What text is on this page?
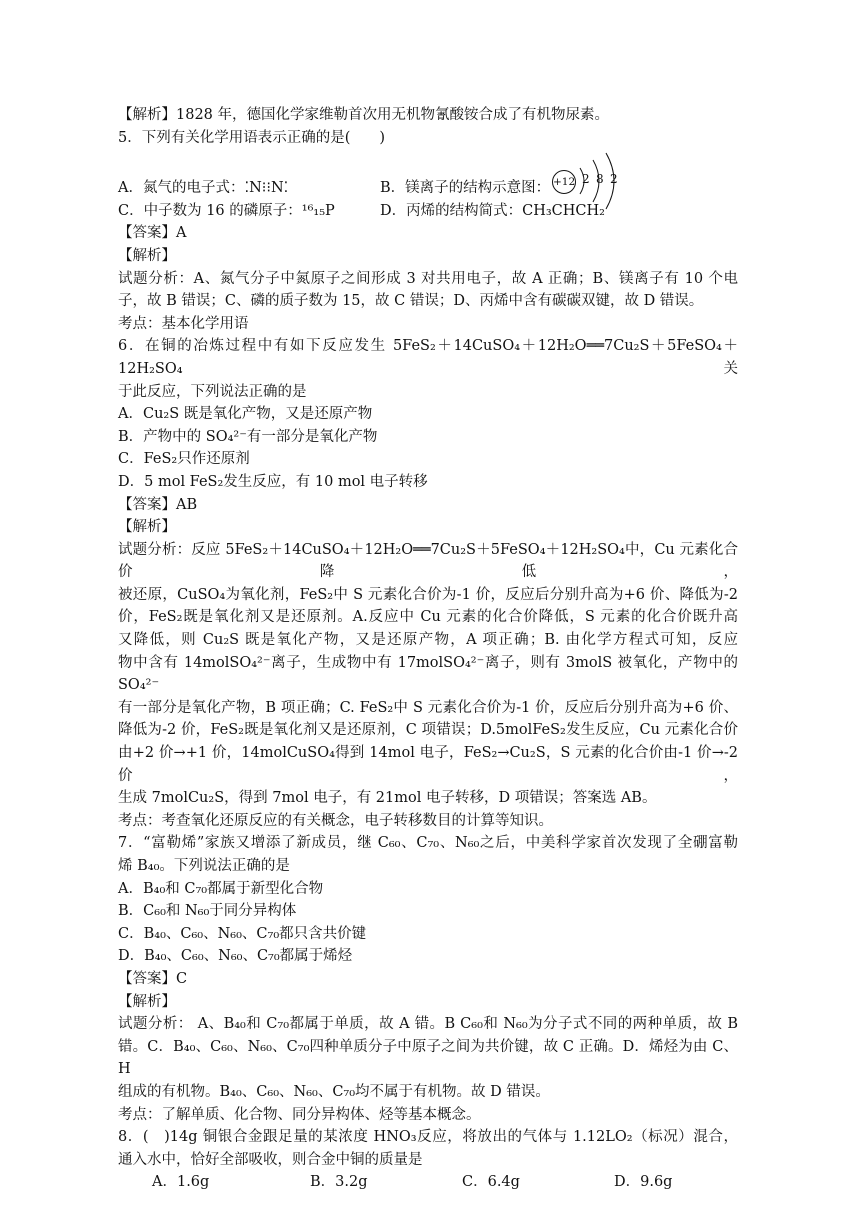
【解析】1828 年，德国化学家维勒首次用无机物氰酸铵合成了有机物尿素。
5．下列有关化学用语表示正确的是(　　)
A．氮气的电子式：⁚N⁝⁝N⁚	B．镁离子的结构示意图：
C．中子数为 16 的磷原子：¹⁶₁₅P	D．丙烯的结构简式：CH₃CHCH₂
【答案】A
【解析】
试题分析：A、氮气分子中氮原子之间形成 3 对共用电子，故 A 正确；B、镁离子有 10 个电
子，故 B 错误；C、磷的质子数为 15，故 C 错误；D、丙烯中含有碳碳双键，故 D 错误。
考点：基本化学用语
6．在铜的冶炼过程中有如下反应发生 5FeS₂＋14CuSO₄＋12H₂O══7Cu₂S＋5FeSO₄＋12H₂SO₄ 关
于此反应，下列说法正确的是
A．Cu₂S 既是氧化产物，又是还原产物
B．产物中的 SO₄²⁻有一部分是氧化产物
C．FeS₂只作还原剂
D．5 mol FeS₂发生反应，有 10 mol 电子转移
【答案】AB
【解析】
试题分析：反应 5FeS₂＋14CuSO₄＋12H₂O══7Cu₂S＋5FeSO₄＋12H₂SO₄中，Cu 元素化合价降低，
被还原，CuSO₄为氧化剂，FeS₂中 S 元素化合价为-1 价，反应后分别升高为+6 价、降低为-2
价，FeS₂既是氧化剂又是还原剂。A.反应中 Cu 元素的化合价降低，S 元素的化合价既升高
又降低，则 Cu₂S 既是氧化产物，又是还原产物，A 项正确；B. 由化学方程式可知，反应
物中含有 14molSO₄²⁻离子，生成物中有 17molSO₄²⁻离子，则有 3molS 被氧化，产物中的 SO₄²⁻
有一部分是氧化产物，B 项正确；C. FeS₂中 S 元素化合价为-1 价，反应后分别升高为+6 价、
降低为-2 价，FeS₂既是氧化剂又是还原剂，C 项错误；D.5molFeS₂发生反应，Cu 元素化合价
由+2 价→+1 价，14molCuSO₄得到 14mol 电子，FeS₂→Cu₂S，S 元素的化合价由-1 价→-2 价，
生成 7molCu₂S，得到 7mol 电子，有 21mol 电子转移，D 项错误；答案选 AB。
考点：考查氧化还原反应的有关概念，电子转移数目的计算等知识。
7．“富勒烯”家族又增添了新成员，继 C₆₀、C₇₀、N₆₀之后，中美科学家首次发现了全硼富勒
烯 B₄₀。下列说法正确的是
A．B₄₀和 C₇₀都属于新型化合物
B．C₆₀和 N₆₀于同分异构体
C．B₄₀、C₆₀、N₆₀、C₇₀都只含共价键
D．B₄₀、C₆₀、N₆₀、C₇₀都属于烯烃
【答案】C
【解析】
试题分析： A、B₄₀和 C₇₀都属于单质，故 A 错。B C₆₀和 N₆₀为分子式不同的两种单质，故 B
错。C．B₄₀、C₆₀、N₆₀、C₇₀四种单质分子中原子之间为共价键，故 C 正确。D．烯烃为由 C、H
组成的有机物。B₄₀、C₆₀、N₆₀、C₇₀均不属于有机物。故 D 错误。
考点：了解单质、化合物、同分异构体、烃等基本概念。
8．(　)14g 铜银合金跟足量的某浓度 HNO₃反应，将放出的气体与 1.12LO₂（标况）混合，
通入水中，恰好全部吸收，则合金中铜的质量是
A．1.6g	B．3.2g	C．6.4g	D．9.6g
+12 2 8 2
